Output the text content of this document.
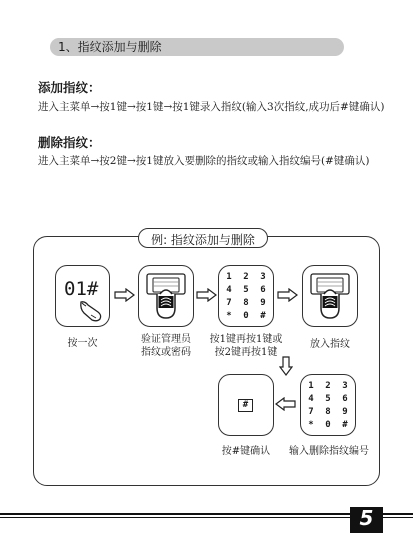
1、指纹添加与删除
添加指纹：
进入主菜单→按1键→按1键→按1键录入指纹(输入3次指纹,成功后#键确认)
删除指纹：
进入主菜单→按2键→按1键放入要删除的指纹或输入指纹编号(#键确认)
例: 指纹添加与删除
01#
按一次	验证管理员
指纹或密码
1	2	3
4	5	6
7	8	9
*	0	#
按1键再按1键或
按2键再按1键
放入指纹
1	2	3
4	5	6
7	8	9
*	0	#
输入删除指纹编号
#
按#键确认
5
